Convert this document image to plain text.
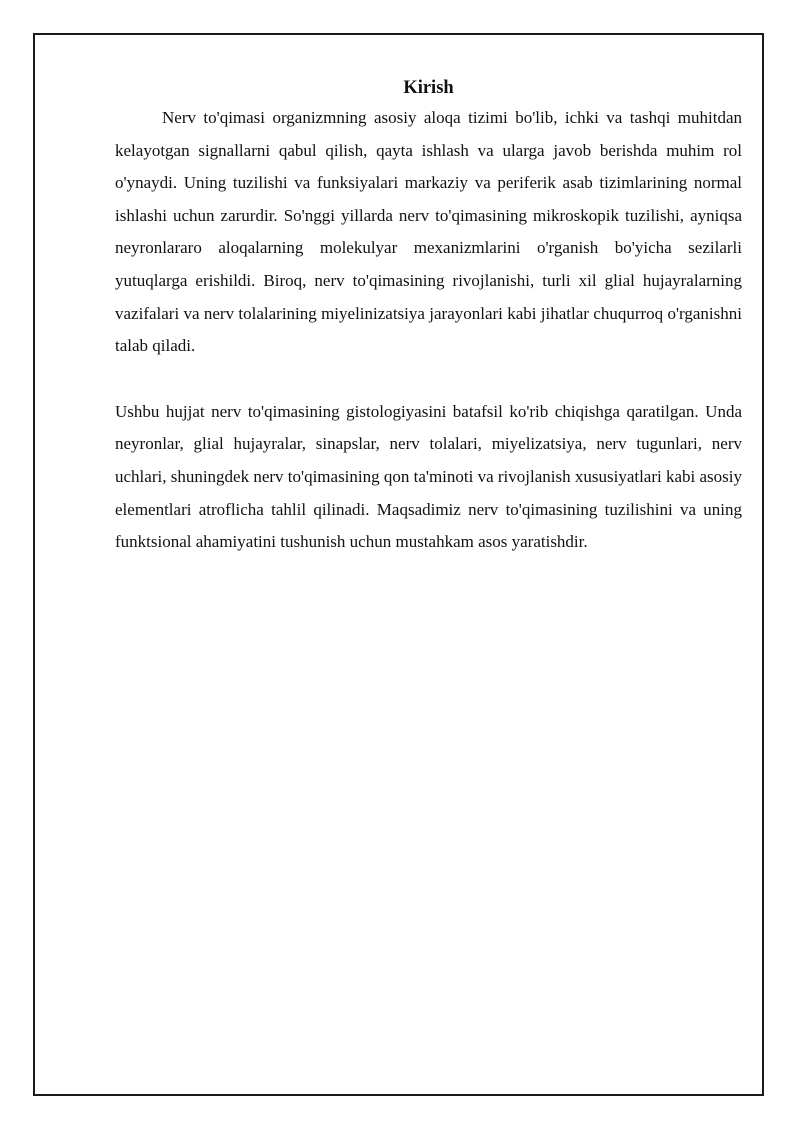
Kirish

Nerv to'qimasi organizmning asosiy aloqa tizimi bo'lib, ichki va tashqi muhitdan kelayotgan signallarni qabul qilish, qayta ishlash va ularga javob berishda muhim rol o'ynaydi. Uning tuzilishi va funksiyalari markaziy va periferik asab tizimlarining normal ishlashi uchun zarurdir. So'nggi yillarda nerv to'qimasining mikroskopik tuzilishi, ayniqsa neyronlararo aloqalarning molekulyar mexanizmlarini o'rganish bo'yicha sezilarli yutuqlarga erishildi. Biroq, nerv to'qimasining rivojlanishi, turli xil glial hujayralarning vazifalari va nerv tolalarining miyelinizatsiya jarayonlari kabi jihatlar chuqurroq o'rganishni talab qiladi.

Ushbu hujjat nerv to'qimasining gistologiyasini batafsil ko'rib chiqishga qaratilgan. Unda neyronlar, glial hujayralar, sinapslar, nerv tolalari, miyelizatsiya, nerv tugunlari, nerv uchlari, shuningdek nerv to'qimasining qon ta'minoti va rivojlanish xususiyatlari kabi asosiy elementlari atroflicha tahlil qilinadi. Maqsadimiz nerv to'qimasining tuzilishini va uning funktsional ahamiyatini tushunish uchun mustahkam asos yaratishdir.
